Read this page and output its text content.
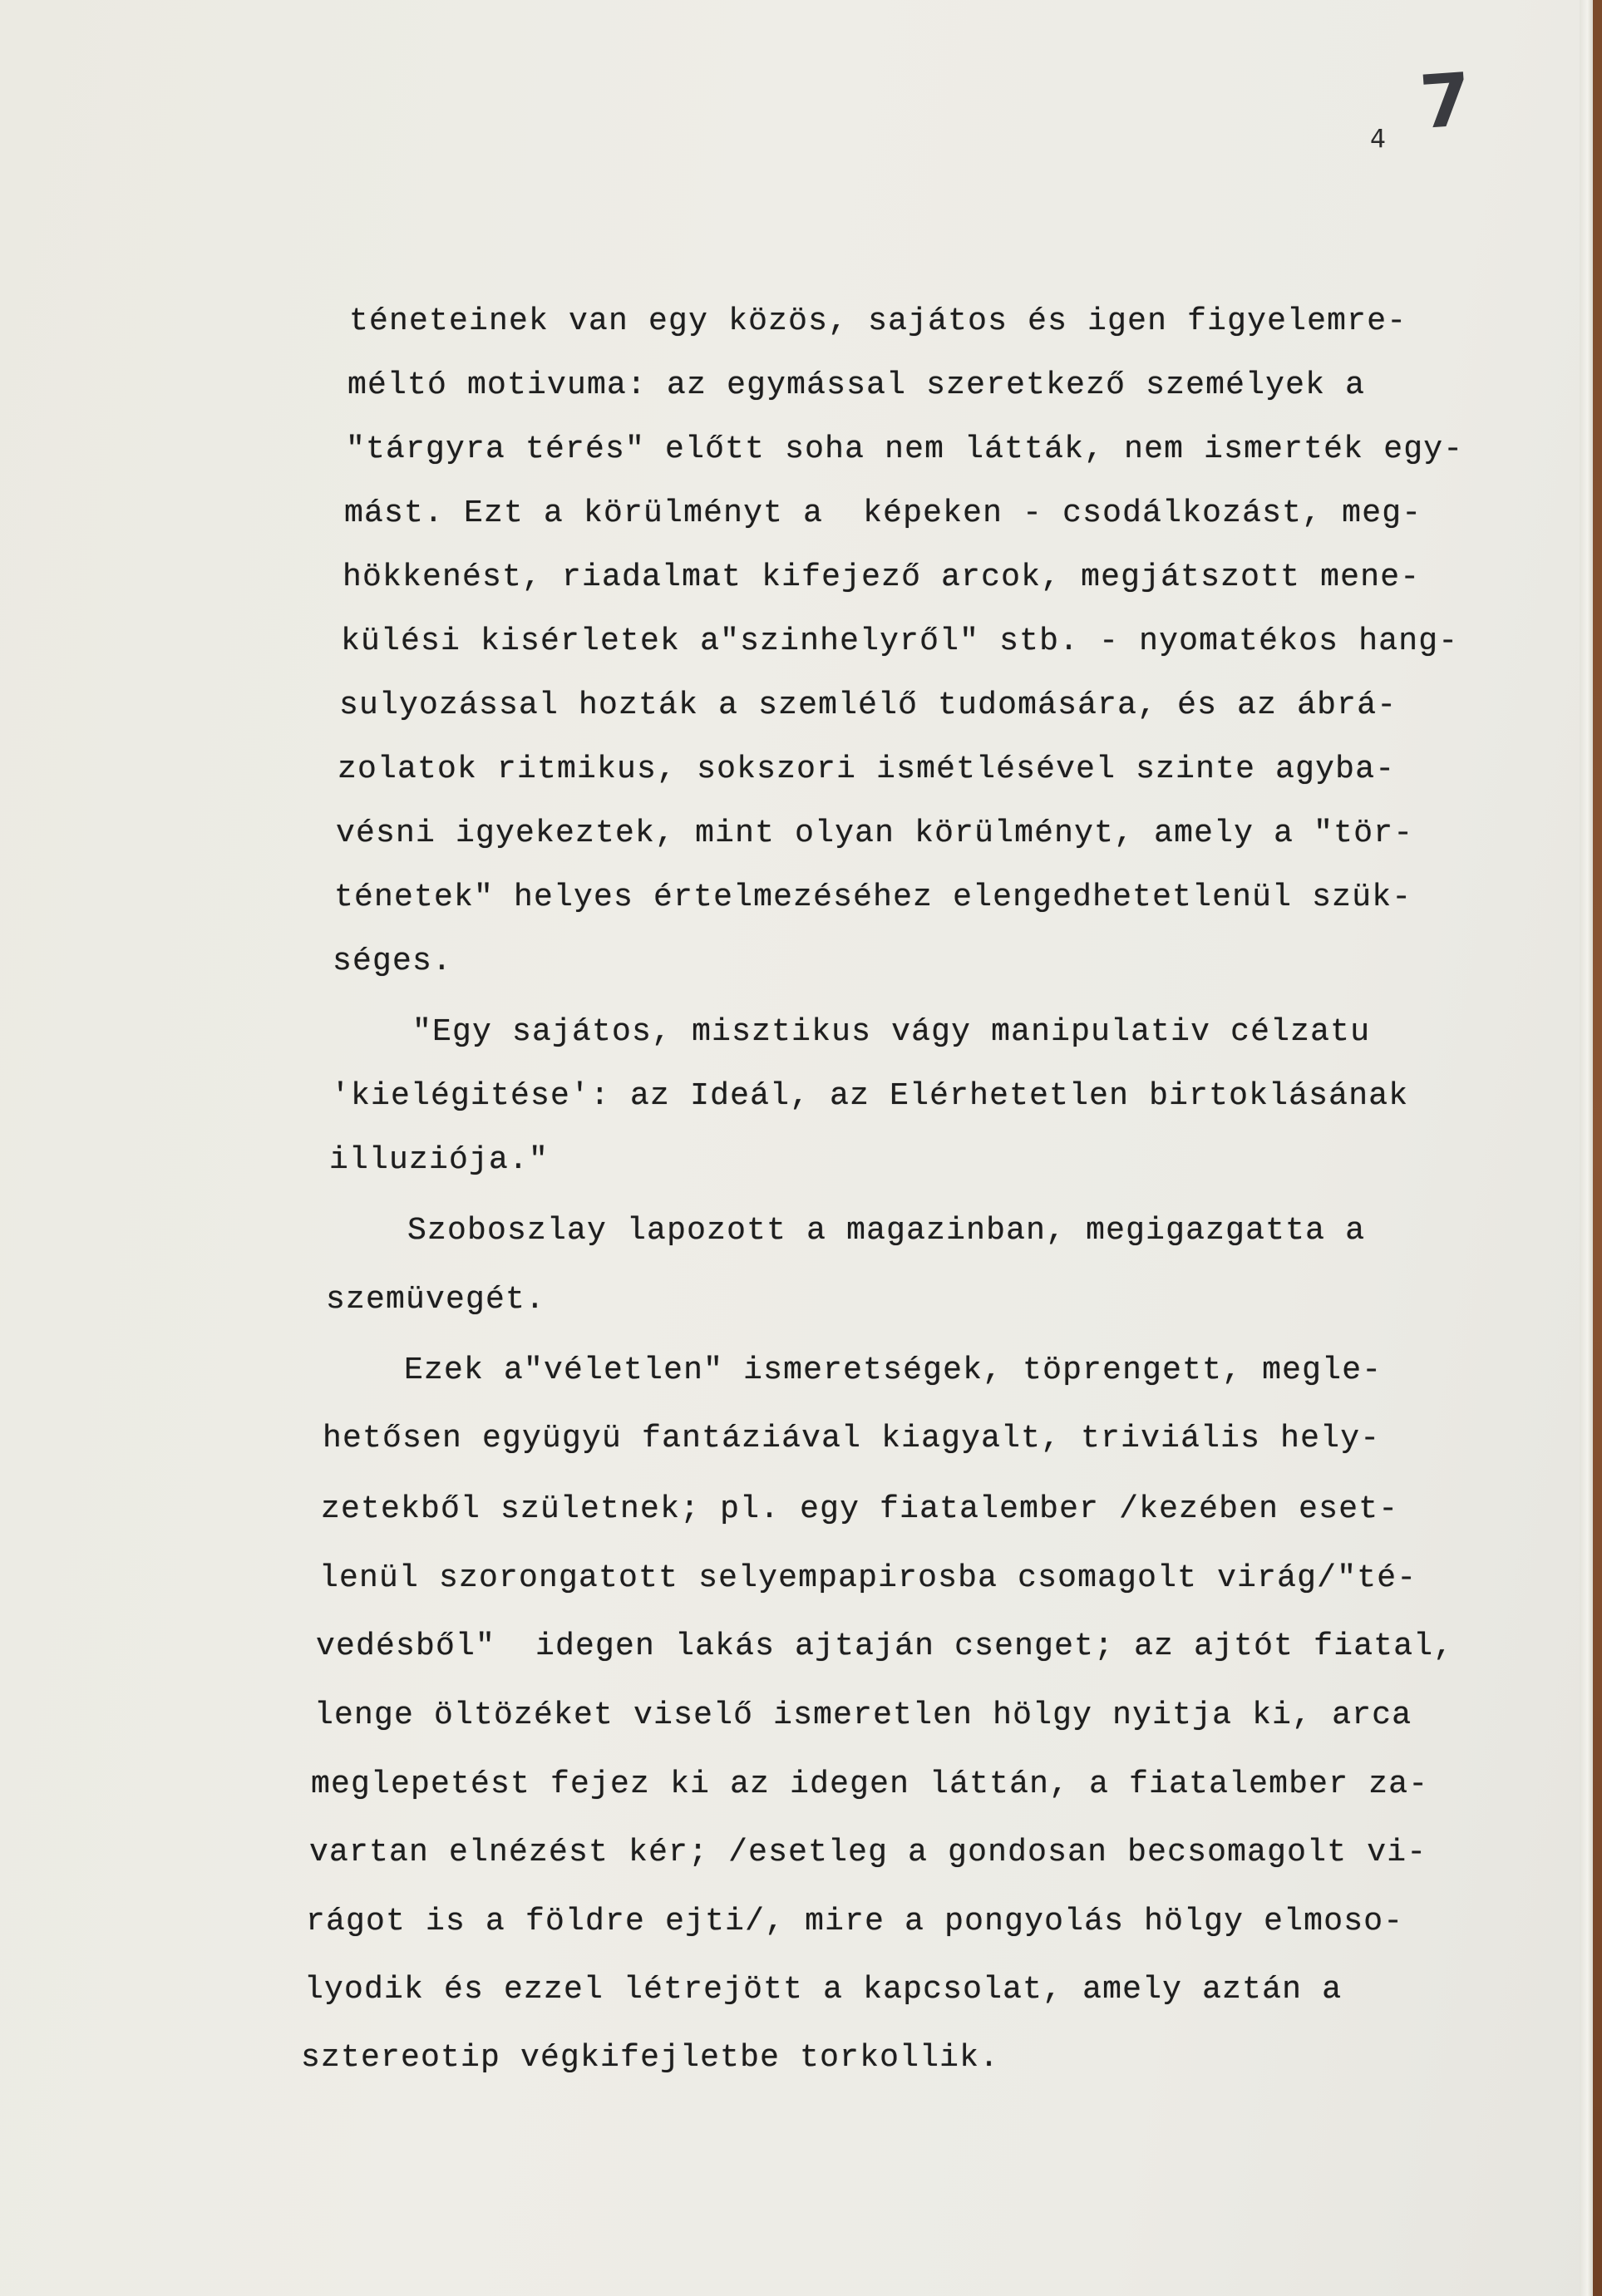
7
4
téneteinek van egy közös, sajátos és igen figyelemre-
méltó motivuma: az egymással szeretkező személyek a
"tárgyra térés" előtt soha nem látták, nem ismerték egy-
mást. Ezt a körülményt a  képeken - csodálkozást, meg-
hökkenést, riadalmat kifejező arcok, megjátszott mene-
külési kisérletek a"szinhelyről" stb. - nyomatékos hang-
sulyozással hozták a szemlélő tudomására, és az ábrá-
zolatok ritmikus, sokszori ismétlésével szinte agyba-
vésni igyekeztek, mint olyan körülményt, amely a "tör-
ténetek" helyes értelmezéséhez elengedhetetlenül szük-
séges.
"Egy sajátos, misztikus vágy manipulativ célzatu
'kielégitése': az Ideál, az Elérhetetlen birtoklásának
illuziója."
Szoboszlay lapozott a magazinban, megigazgatta a
szemüvegét.
Ezek a"véletlen" ismeretségek, töprengett, megle-
hetősen együgyü fantáziával kiagyalt, triviális hely-
zetekből születnek; pl. egy fiatalember /kezében eset-
lenül szorongatott selyempapirosba csomagolt virág/"té-
vedésből"  idegen lakás ajtaján csenget; az ajtót fiatal,
lenge öltözéket viselő ismeretlen hölgy nyitja ki, arca
meglepetést fejez ki az idegen láttán, a fiatalember za-
vartan elnézést kér; /esetleg a gondosan becsomagolt vi-
rágot is a földre ejti/, mire a pongyolás hölgy elmoso-
lyodik és ezzel létrejött a kapcsolat, amely aztán a
sztereotip végkifejletbe torkollik.
